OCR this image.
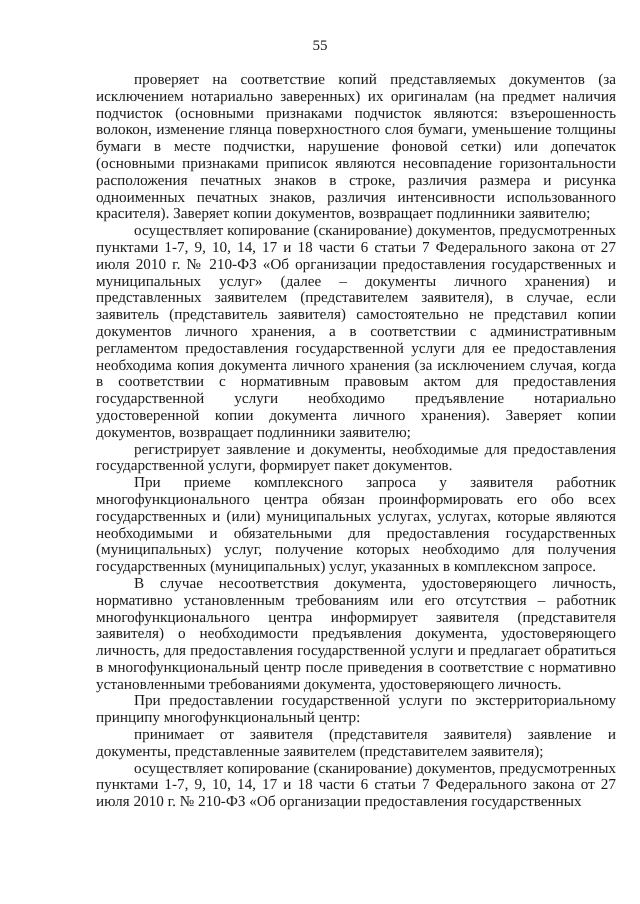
55

проверяет на соответствие копий представляемых документов (за исключением нотариально заверенных) их оригиналам (на предмет наличия подчисток (основными признаками подчисток являются: взъерошенность волокон, изменение глянца поверхностного слоя бумаги, уменьшение толщины бумаги в месте подчистки, нарушение фоновой сетки) или допечаток (основными признаками приписок являются несовпадение горизонтальности расположения печатных знаков в строке, различия размера и рисунка одноименных печатных знаков, различия интенсивности использованного красителя). Заверяет копии документов, возвращает подлинники заявителю;

осуществляет копирование (сканирование) документов, предусмотренных пунктами 1-7, 9, 10, 14, 17 и 18 части 6 статьи 7 Федерального закона от 27 июля 2010 г. № 210-ФЗ «Об организации предоставления государственных и муниципальных услуг» (далее – документы личного хранения) и представленных заявителем (представителем заявителя), в случае, если заявитель (представитель заявителя) самостоятельно не представил копии документов личного хранения, а в соответствии с административным регламентом предоставления государственной услуги для ее предоставления необходима копия документа личного хранения (за исключением случая, когда в соответствии с нормативным правовым актом для предоставления государственной услуги необходимо предъявление нотариально удостоверенной копии документа личного хранения). Заверяет копии документов, возвращает подлинники заявителю;

регистрирует заявление и документы, необходимые для предоставления государственной услуги, формирует пакет документов.

При приеме комплексного запроса у заявителя работник многофункционального центра обязан проинформировать его обо всех государственных и (или) муниципальных услугах, услугах, которые являются необходимыми и обязательными для предоставления государственных (муниципальных) услуг, получение которых необходимо для получения государственных (муниципальных) услуг, указанных в комплексном запросе.

В случае несоответствия документа, удостоверяющего личность, нормативно установленным требованиям или его отсутствия – работник многофункционального центра информирует заявителя (представителя заявителя) о необходимости предъявления документа, удостоверяющего личность, для предоставления государственной услуги и предлагает обратиться в многофункциональный центр после приведения в соответствие с нормативно установленными требованиями документа, удостоверяющего личность.

При предоставлении государственной услуги по экстерриториальному принципу многофункциональный центр:

принимает от заявителя (представителя заявителя) заявление и документы, представленные заявителем (представителем заявителя);

осуществляет копирование (сканирование) документов, предусмотренных пунктами 1-7, 9, 10, 14, 17 и 18 части 6 статьи 7 Федерального закона от 27 июля 2010 г. № 210-ФЗ «Об организации предоставления государственных
